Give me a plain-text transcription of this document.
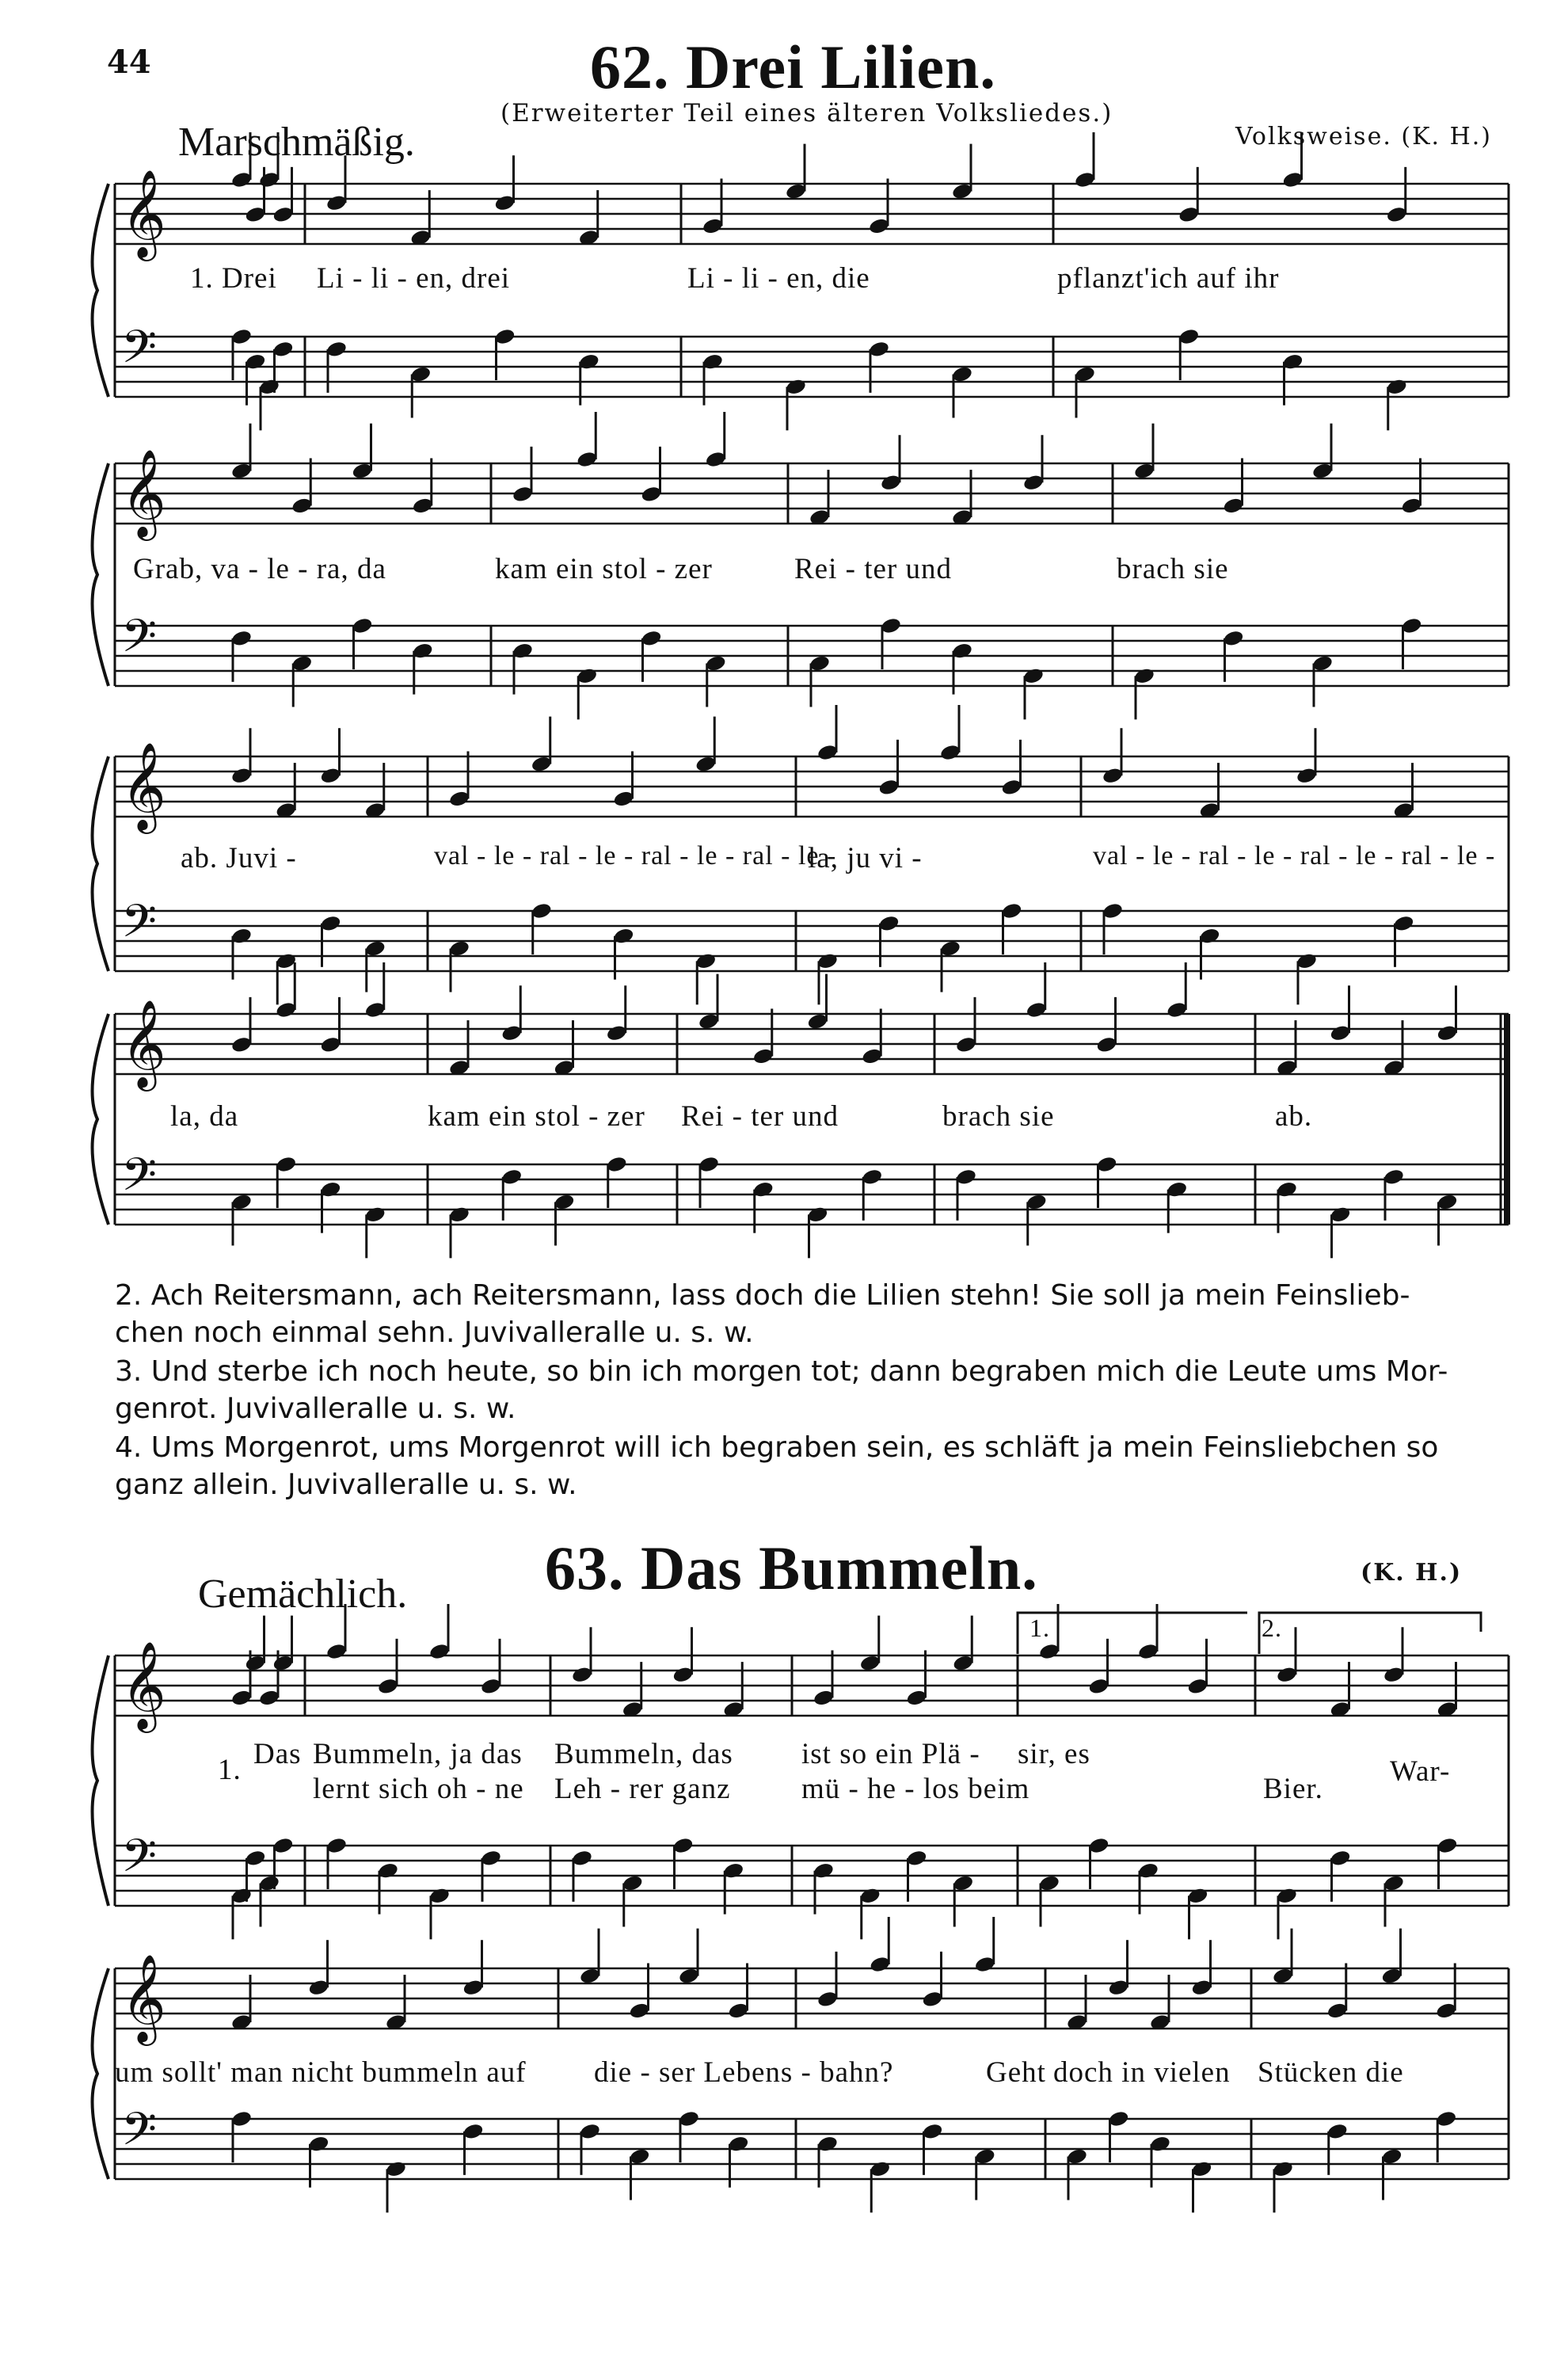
44	62. Drei Lilien.
(Erweiterter Teil eines älteren Volksliedes.)
Marschmäßig.	Volksweise. (K. H.)
𝄞
𝄢
𝄞
𝄢
𝄞
𝄢
𝄞
𝄢
𝄞
𝄢
𝄞
𝄢
1. Drei Li - li - en, drei	Li - li - en, die	pflanzt'ich auf ihr
Grab, va - le - ra, da	kam ein stol - zer	Rei - ter und	brach sie
ab. Juvi -	val - le - ral - le - ral - le - ral - le -
la, ju vi -	val - le - ral - le - ral - le - ral - le -
la, da	kam ein stol - zer Rei - ter und	brach sie	ab.
2. Ach Reitersmann, ach Reitersmann, lass doch die Lilien stehn! Sie soll ja mein Feinslieb-chen noch einmal sehn. Juvivalleralle u. s. w.
3. Und sterbe ich noch heute, so bin ich morgen tot; dann begraben mich die Leute ums Mor-genrot. Juvivalleralle u. s. w.
4. Ums Morgenrot, ums Morgenrot will ich begraben sein, es schläft ja mein Feinsliebchen so ganz allein. Juvivalleralle u. s. w.
63. Das Bummeln.
Gemächlich.	(K. H.)
1.	2.
1. Das Bummeln, ja das Bummeln, das ist so ein Plä - sir, es
War-
lernt sich oh - ne Leh - rer ganz mü - he - los beim	Bier.
um sollt' man nicht bummeln auf die - ser Lebens - bahn?	Geht doch in vielen Stücken die
